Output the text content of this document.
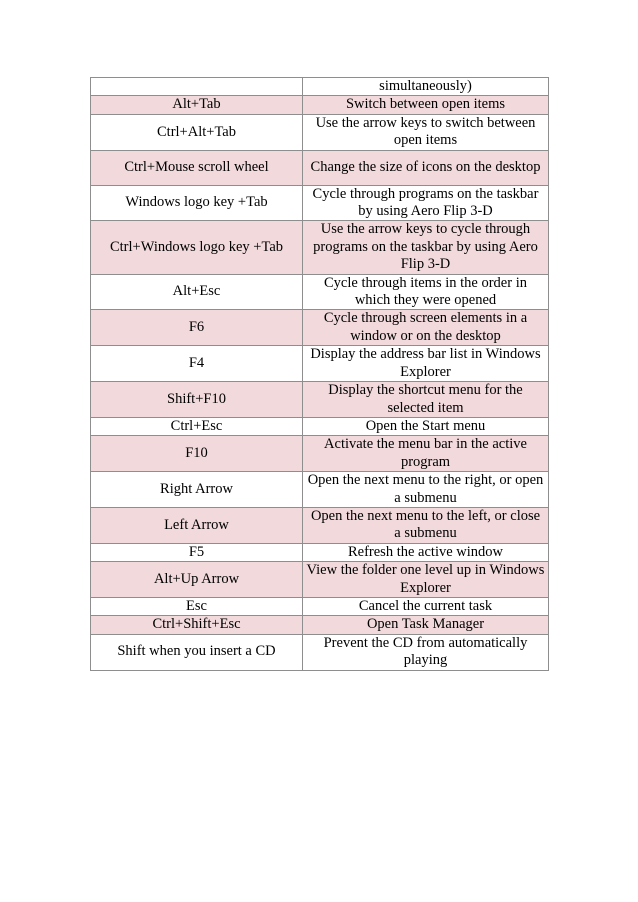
	simultaneously)
Alt+Tab	Switch between open items
Ctrl+Alt+Tab	Use the arrow keys to switch between open items
Ctrl+Mouse scroll wheel	Change the size of icons on the desktop
Windows logo key +Tab	Cycle through programs on the taskbar by using Aero Flip 3-D
Ctrl+Windows logo key +Tab	Use the arrow keys to cycle through programs on the taskbar by using Aero Flip 3-D
Alt+Esc	Cycle through items in the order in which they were opened
F6	Cycle through screen elements in a window or on the desktop
F4	Display the address bar list in Windows Explorer
Shift+F10	Display the shortcut menu for the selected item
Ctrl+Esc	Open the Start menu
F10	Activate the menu bar in the active program
Right Arrow	Open the next menu to the right, or open a submenu
Left Arrow	Open the next menu to the left, or close a submenu
F5	Refresh the active window
Alt+Up Arrow	View the folder one level up in Windows Explorer
Esc	Cancel the current task
Ctrl+Shift+Esc	Open Task Manager
Shift when you insert a CD	Prevent the CD from automatically playing
